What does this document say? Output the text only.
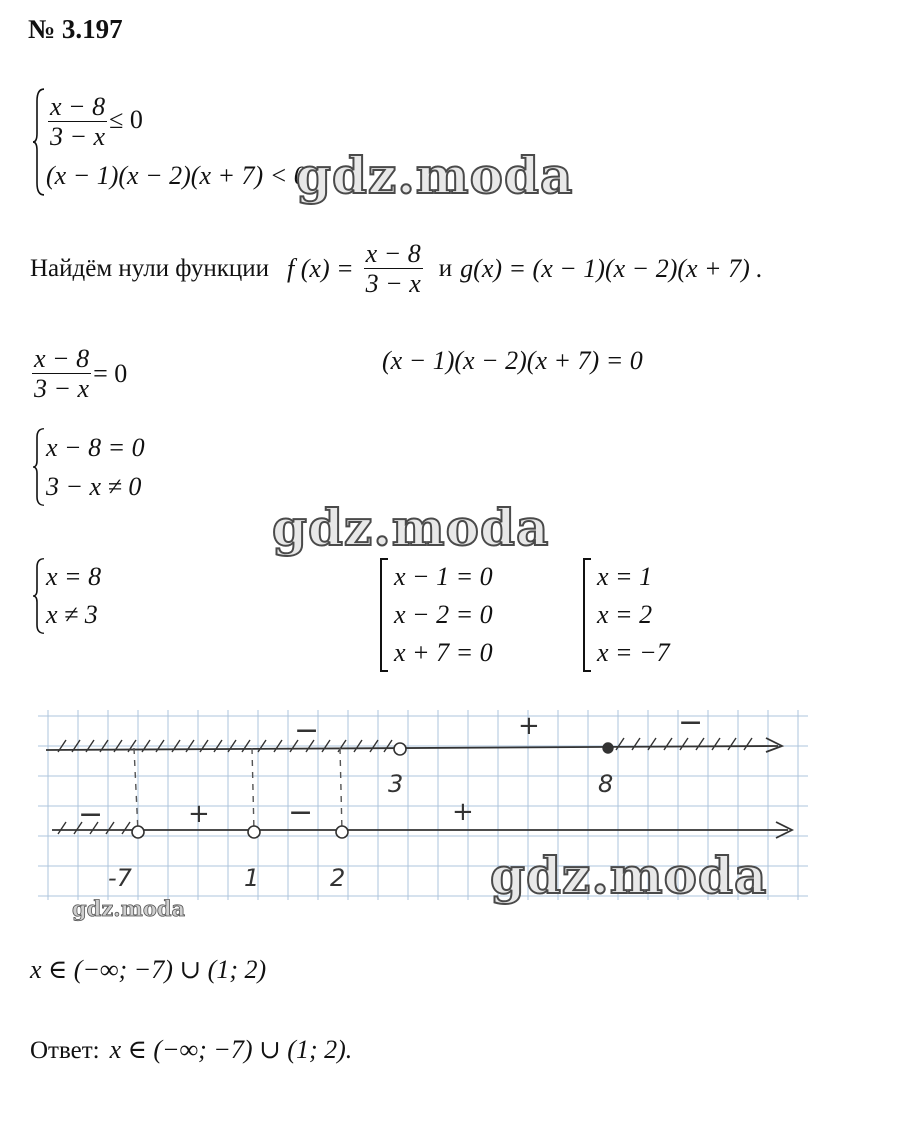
№ 3.197
$\frac{x - 8}{3 - x} \le 0$
(x − 1)(x − 2)(x + 7) < 0
Найдём нули функции f $(x) = \frac{x - 8}{3 - x}$ и g(x) = (x − 1)(x − 2)(x + 7) .
$\frac{x - 8}{3 - x} = 0$	(x − 1)(x − 2)(x + 7) = 0
x − 8 = 0
3 − x ≠ 0
x = 8
x ≠ 3
x − 1 = 0
x − 2 = 0
x + 7 = 0
x = 1
x = 2
x = −7
3	8
−	+	−
-7	1	2
−	+	−	+
x ∈ (−∞; −7) ∪ (1; 2)
Ответ: x ∈ (−∞; −7) ∪ (1; 2).
gdz.moda
gdz.moda
gdz.moda
gdz.moda
